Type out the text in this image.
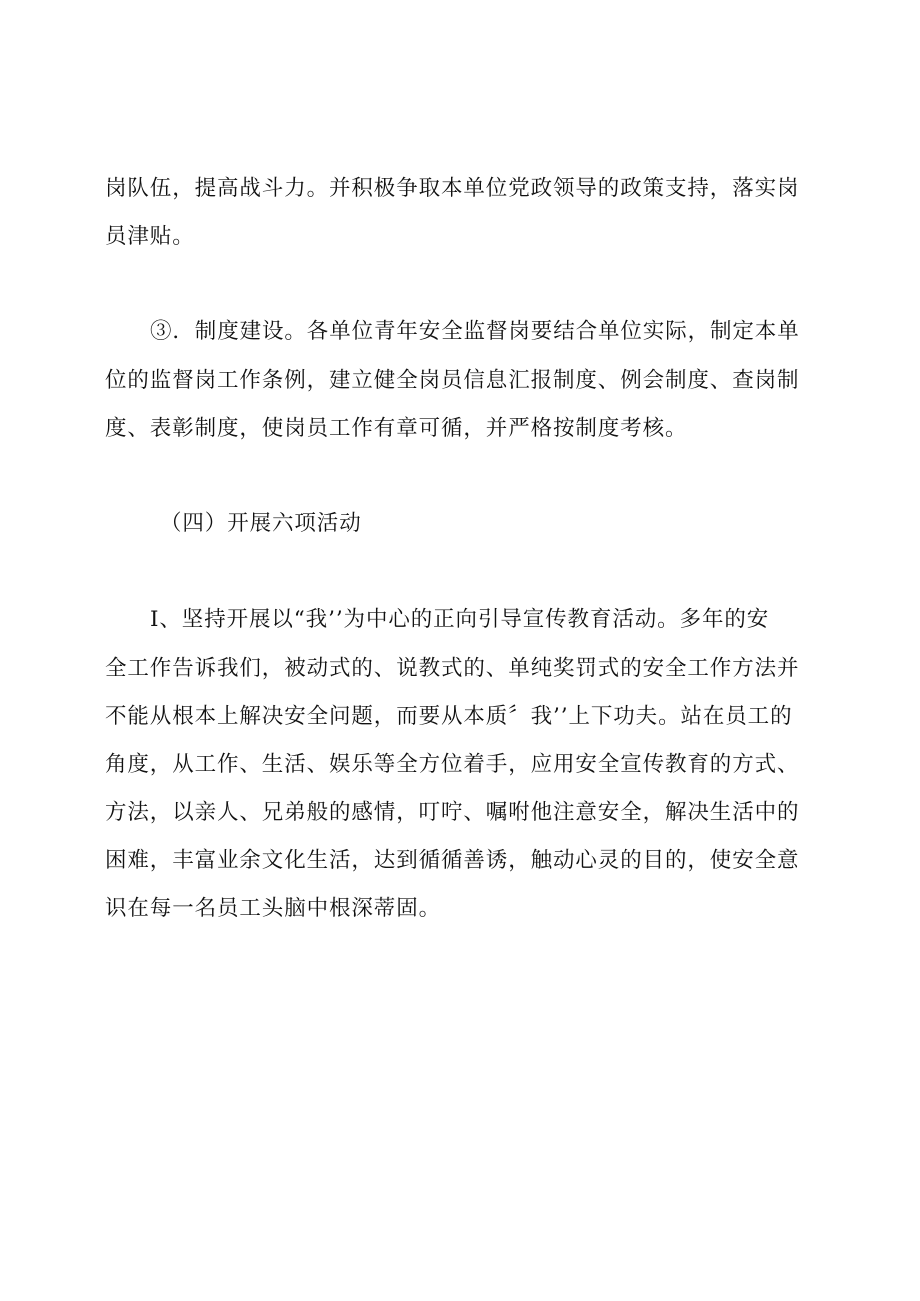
岗队伍，提高战斗力。并积极争取本单位党政领导的政策支持，落实岗
员津贴。
③．制度建设。各单位青年安全监督岗要结合单位实际，制定本单
位的监督岗工作条例，建立健全岗员信息汇报制度、例会制度、查岗制
度、表彰制度，使岗员工作有章可循，并严格按制度考核。
（四）开展六项活动
I、坚持开展以“我’’为中心的正向引导宣传教育活动。多年的安
全工作告诉我们，被动式的、说教式的、单纯奖罚式的安全工作方法并
不能从根本上解决安全问题，而要从本质〞我’’上下功夫。站在员工的
角度，从工作、生活、娱乐等全方位着手，应用安全宣传教育的方式、
方法，以亲人、兄弟般的感情，叮咛、嘱咐他注意安全，解决生活中的
困难，丰富业余文化生活，达到循循善诱，触动心灵的目的，使安全意
识在每一名员工头脑中根深蒂固。
